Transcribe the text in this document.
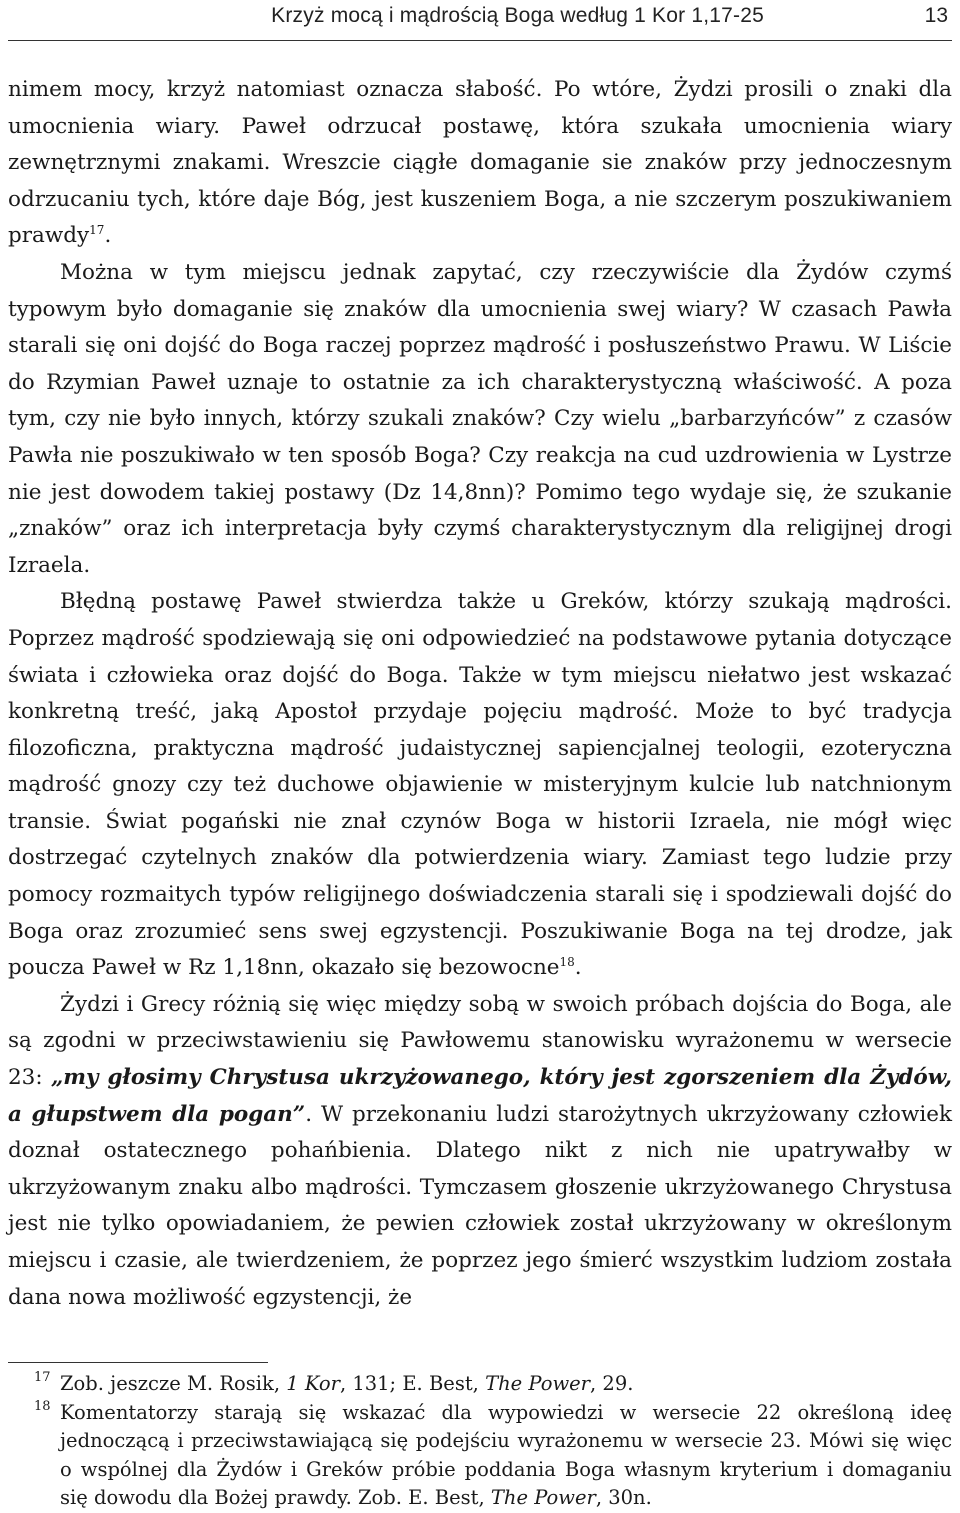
Krzyż mocą i mądrością Boga według 1 Kor 1,17-25	13

nimem mocy, krzyż natomiast oznacza słabość. Po wtóre, Żydzi prosili o znaki dla umocnienia wiary. Paweł odrzucał postawę, która szukała umocnienia wiary zewnętrznymi znakami. Wreszcie ciągłe domaganie sie znaków przy jednoczesnym odrzucaniu tych, które daje Bóg, jest kuszeniem Boga, a nie szczerym poszukiwaniem prawdy$^{17}$.

Można w tym miejscu jednak zapytać, czy rzeczywiście dla Żydów czymś typowym było domaganie się znaków dla umocnienia swej wiary? W czasach Pawła starali się oni dojść do Boga raczej poprzez mądrość i posłuszeństwo Prawu. W Liście do Rzymian Paweł uznaje to ostatnie za ich charakterystyczną właściwość. A poza tym, czy nie było innych, którzy szukali znaków? Czy wielu „barbarzyńców” z czasów Pawła nie poszukiwało w ten sposób Boga? Czy reakcja na cud uzdrowienia w Lystrze nie jest dowodem takiej postawy (Dz 14,8nn)? Pomimo tego wydaje się, że szukanie „znaków” oraz ich interpretacja były czymś charakterystycznym dla religijnej drogi Izraela.

Błędną postawę Paweł stwierdza także u Greków, którzy szukają mądrości. Poprzez mądrość spodziewają się oni odpowiedzieć na podstawowe pytania dotyczące świata i człowieka oraz dojść do Boga. Także w tym miejscu niełatwo jest wskazać konkretną treść, jaką Apostoł przydaje pojęciu mądrość. Może to być tradycja filozoficzna, praktyczna mądrość judaistycznej sapiencjalnej teologii, ezoteryczna mądrość gnozy czy też duchowe objawienie w misteryjnym kulcie lub natchnionym transie. Świat pogański nie znał czynów Boga w historii Izraela, nie mógł więc dostrzegać czytelnych znaków dla potwierdzenia wiary. Zamiast tego ludzie przy pomocy rozmaitych typów religijnego doświadczenia starali się i spodziewali dojść do Boga oraz zrozumieć sens swej egzystencji. Poszukiwanie Boga na tej drodze, jak poucza Paweł w Rz 1,18nn, okazało się bezowocne$^{18}$.

Żydzi i Grecy różnią się więc między sobą w swoich próbach dojścia do Boga, ale są zgodni w przeciwstawieniu się Pawłowemu stanowisku wyrażonemu w wersecie 23: „my głosimy Chrystusa ukrzyżowanego, który jest zgorszeniem dla Żydów, a głupstwem dla pogan”. W przekonaniu ludzi starożytnych ukrzyżowany człowiek doznał ostatecznego pohańbienia. Dlatego nikt z nich nie upatrywałby w ukrzyżowanym znaku albo mądrości. Tymczasem głoszenie ukrzyżowanego Chrystusa jest nie tylko opowiadaniem, że pewien człowiek został ukrzyżowany w określonym miejscu i czasie, ale twierdzeniem, że poprzez jego śmierć wszystkim ludziom została dana nowa możliwość egzystencji, że

17 Zob. jeszcze M. Rosik, 1 Kor, 131; E. Best, The Power, 29.
18 Komentatorzy starają się wskazać dla wypowiedzi w wersecie 22 określoną ideę jednoczącą i przeciwstawiającą się podejściu wyrażonemu w wersecie 23. Mówi się więc o wspólnej dla Żydów i Greków próbie poddania Boga własnym kryterium i domaganiu się dowodu dla Bożej prawdy. Zob. E. Best, The Power, 30n.
